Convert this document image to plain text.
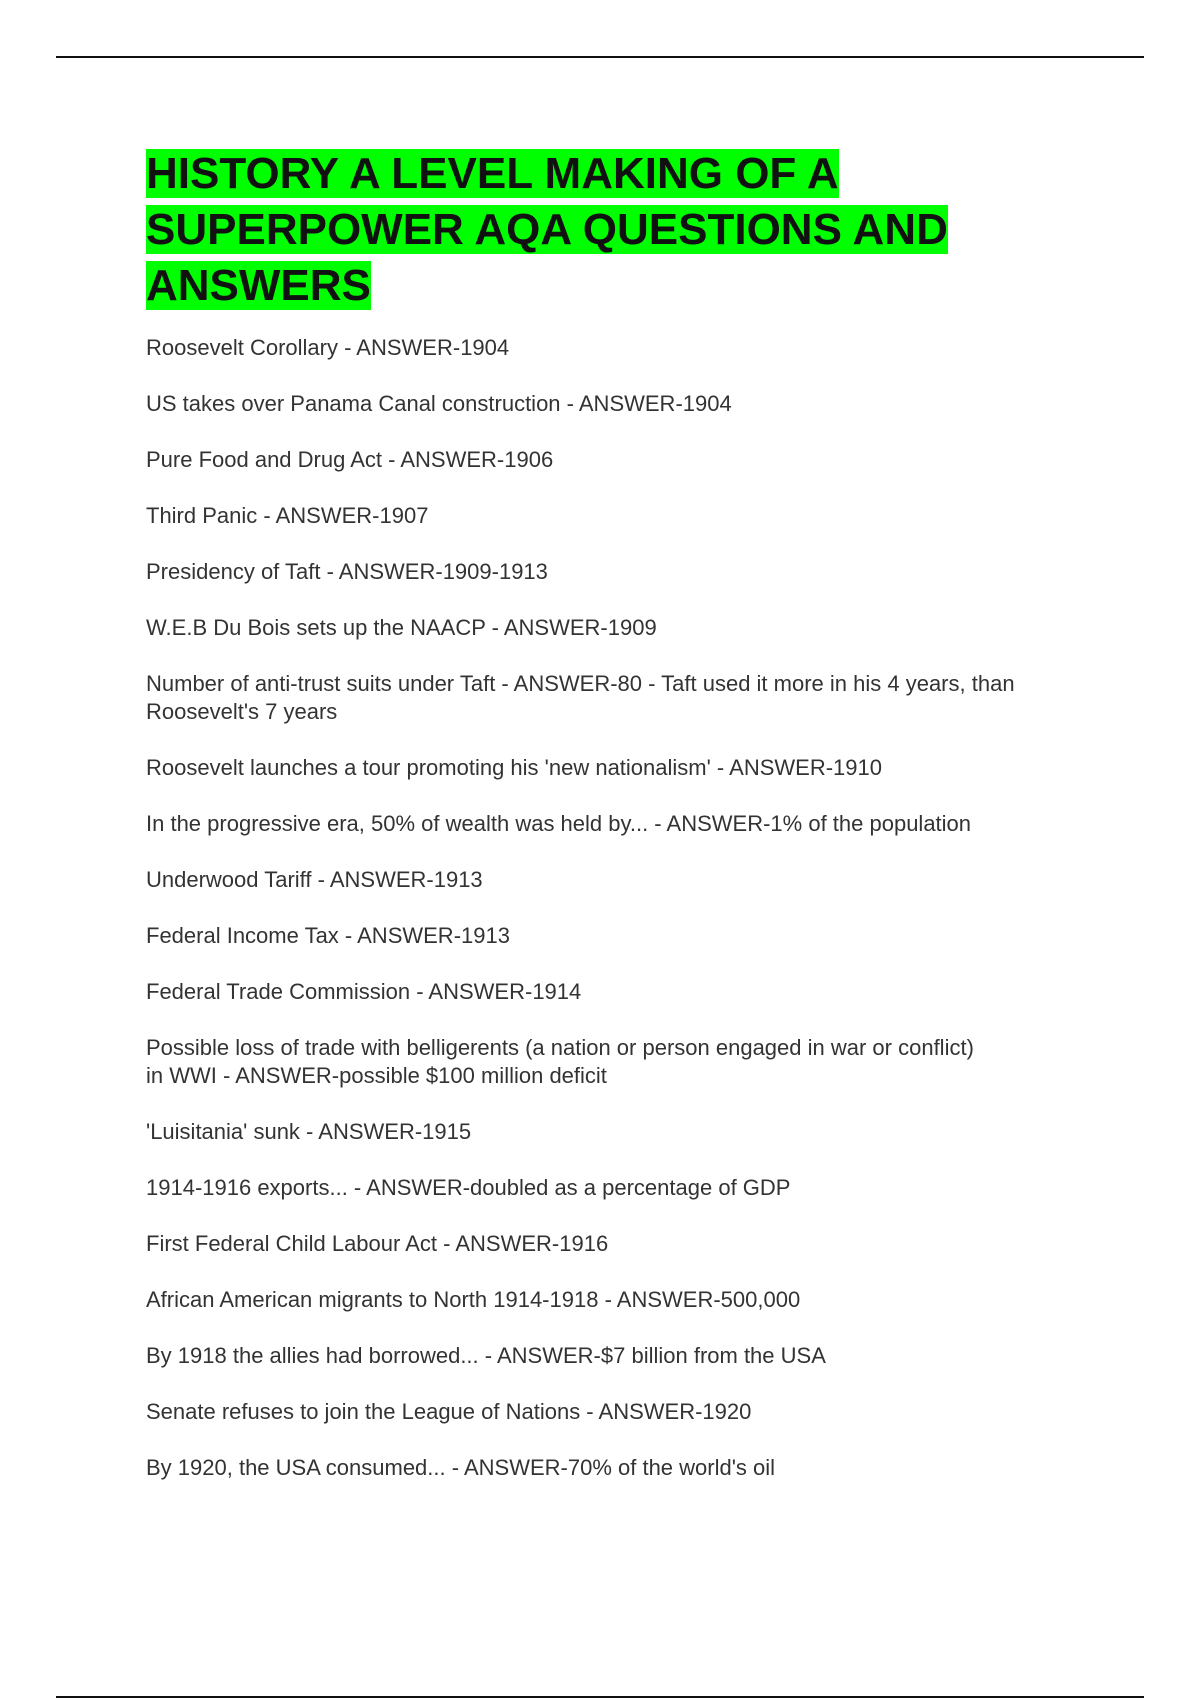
HISTORY A LEVEL MAKING OF A SUPERPOWER AQA QUESTIONS AND ANSWERS
Roosevelt Corollary - ANSWER-1904
US takes over Panama Canal construction - ANSWER-1904
Pure Food and Drug Act - ANSWER-1906
Third Panic - ANSWER-1907
Presidency of Taft - ANSWER-1909-1913
W.E.B Du Bois sets up the NAACP - ANSWER-1909
Number of anti-trust suits under Taft - ANSWER-80 - Taft used it more in his 4 years, than Roosevelt's 7 years
Roosevelt launches a tour promoting his 'new nationalism' - ANSWER-1910
In the progressive era, 50% of wealth was held by... - ANSWER-1% of the population
Underwood Tariff - ANSWER-1913
Federal Income Tax - ANSWER-1913
Federal Trade Commission - ANSWER-1914
Possible loss of trade with belligerents (a nation or person engaged in war or conflict) in WWI - ANSWER-possible $100 million deficit
'Luisitania' sunk - ANSWER-1915
1914-1916 exports... - ANSWER-doubled as a percentage of GDP
First Federal Child Labour Act - ANSWER-1916
African American migrants to North 1914-1918 - ANSWER-500,000
By 1918 the allies had borrowed... - ANSWER-$7 billion from the USA
Senate refuses to join the League of Nations - ANSWER-1920
By 1920, the USA consumed... - ANSWER-70% of the world's oil
